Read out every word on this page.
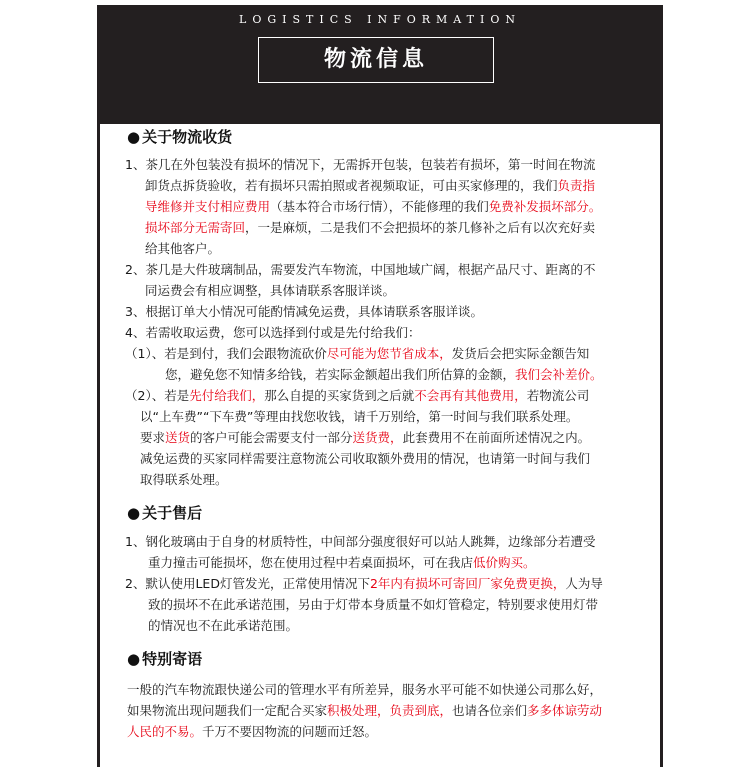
LOGISTICS INFORMATION
物流信息
● 关于物流收货
1、茶几在外包装没有损坏的情况下，无需拆开包装，包装若有损坏，第一时间在物流
卸货点拆货验收，若有损坏只需拍照或者视频取证，可由买家修理的，我们负责指
导维修并支付相应费用（基本符合市场行情），不能修理的我们免费补发损坏部分。
损坏部分无需寄回，一是麻烦，二是我们不会把损坏的茶几修补之后有以次充好卖
给其他客户。
2、茶几是大件玻璃制品，需要发汽车物流，中国地域广阔，根据产品尺寸、距离的不
同运费会有相应调整，具体请联系客服详谈。
3、根据订单大小情况可能酌情减免运费，具体请联系客服详谈。
4、若需收取运费，您可以选择到付或是先付给我们：
（1）、若是到付，我们会跟物流砍价尽可能为您节省成本，发货后会把实际金额告知
您，避免您不知情多给钱，若实际金额超出我们所估算的金额，我们会补差价。
（2）、若是先付给我们，那么自提的买家货到之后就不会再有其他费用，若物流公司
以“上车费”“下车费”等理由找您收钱，请千万别给，第一时间与我们联系处理。
要求送货的客户可能会需要支付一部分送货费，此套费用不在前面所述情况之内。
减免运费的买家同样需要注意物流公司收取额外费用的情况，也请第一时间与我们
取得联系处理。
● 关于售后
1、钢化玻璃由于自身的材质特性，中间部分强度很好可以站人跳舞，边缘部分若遭受
重力撞击可能损坏，您在使用过程中若桌面损坏，可在我店低价购买。
2、默认使用LED灯管发光，正常使用情况下2年内有损坏可寄回厂家免费更换，人为导
致的损坏不在此承诺范围，另由于灯带本身质量不如灯管稳定，特别要求使用灯带
的情况也不在此承诺范围。
● 特别寄语
一般的汽车物流跟快递公司的管理水平有所差异，服务水平可能不如快递公司那么好，
如果物流出现问题我们一定配合买家积极处理，负责到底，也请各位亲们多多体谅劳动
人民的不易。千万不要因物流的问题而迁怒。
